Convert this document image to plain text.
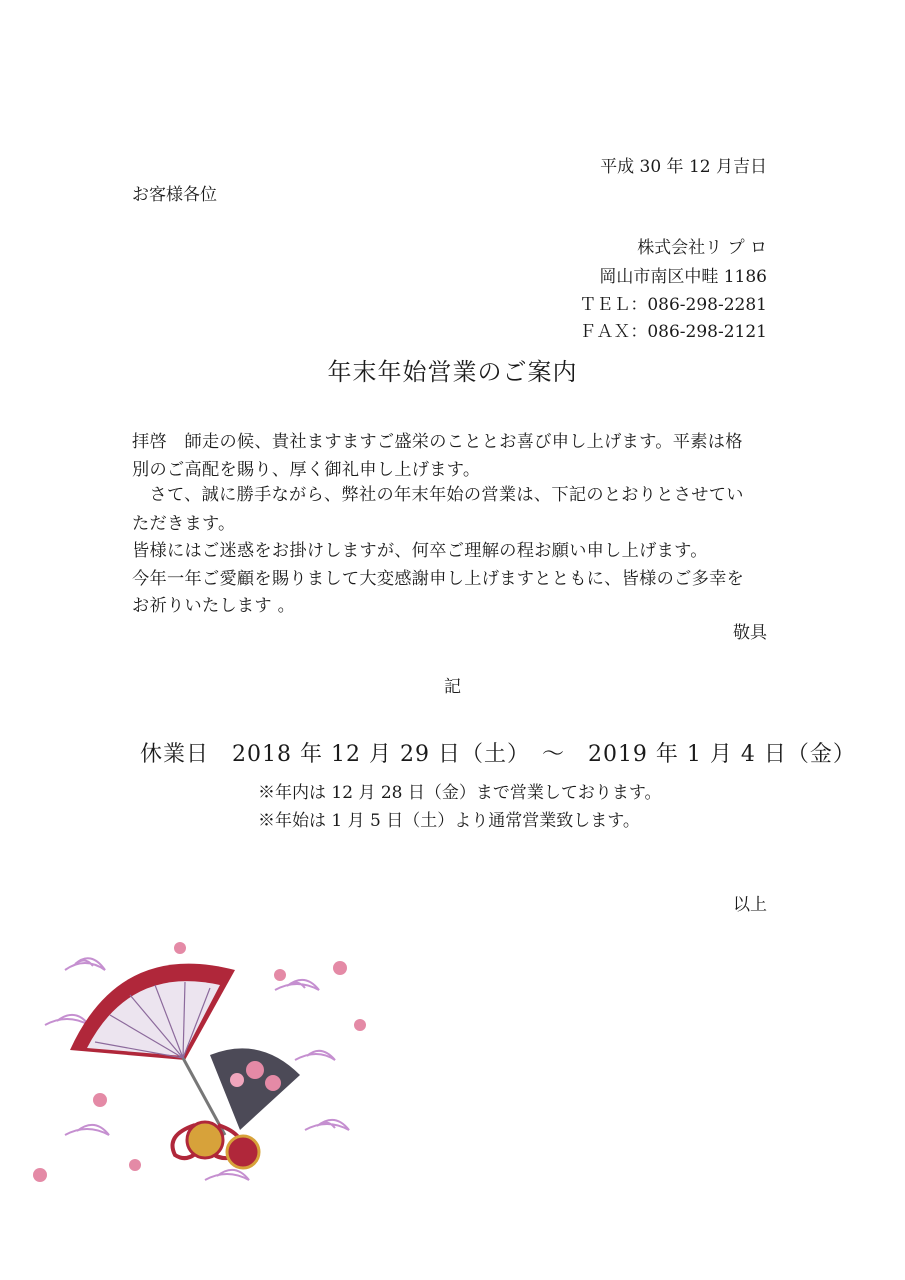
平成 30 年 12 月吉日
お客様各位
株式会社リ プ ロ
岡山市南区中畦 1186
ＴＥＬ：086-298-2281
ＦＡＸ：086-298-2121
年末年始営業のご案内
拝啓　師走の候、貴社ますますご盛栄のこととお喜び申し上げます。平素は格
別のご高配を賜り、厚く御礼申し上げます。
　さて、誠に勝手ながら、弊社の年末年始の営業は、下記のとおりとさせてい
ただきます。
皆様にはご迷惑をお掛けしますが、何卒ご理解の程お願い申し上げます。
今年一年ご愛顧を賜りまして大変感謝申し上げますとともに、皆様のご多幸を
お祈りいたします 。
敬具
記
休業日　2018 年 12 月 29 日（土）　～　2019 年 1 月 4 日（金）
※年内は 12 月 28 日（金）まで営業しております。
※年始は 1 月 5 日（土）より通常営業致します。
以上
